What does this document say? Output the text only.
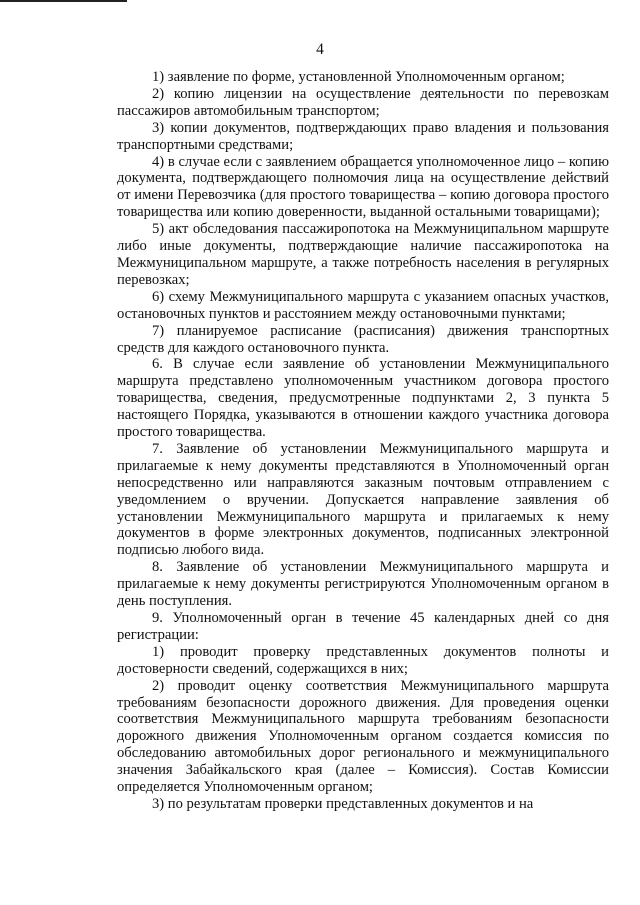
4

1) заявление по форме, установленной Уполномоченным органом;

2) копию лицензии на осуществление деятельности по перевозкам пассажиров автомобильным транспортом;

3) копии документов, подтверждающих право владения и пользования транспортными средствами;

4) в случае если с заявлением обращается уполномоченное лицо – копию документа, подтверждающего полномочия лица на осуществление действий от имени Перевозчика (для простого товарищества – копию договора простого товарищества или копию доверенности, выданной остальными товарищами);

5) акт обследования пассажиропотока на Межмуниципальном маршруте либо иные документы, подтверждающие наличие пассажиропотока на Межмуниципальном маршруте, а также потребность населения в регулярных перевозках;

6) схему Межмуниципального маршрута с указанием опасных участков, остановочных пунктов и расстоянием между остановочными пунктами;

7) планируемое расписание (расписания) движения транспортных средств для каждого остановочного пункта.

6. В случае если заявление об установлении Межмуниципального маршрута представлено уполномоченным участником договора простого товарищества, сведения, предусмотренные подпунктами 2, 3 пункта 5 настоящего Порядка, указываются в отношении каждого участника договора простого товарищества.

7. Заявление об установлении Межмуниципального маршрута и прилагаемые к нему документы представляются в Уполномоченный орган непосредственно или направляются заказным почтовым отправлением с уведомлением о вручении. Допускается направление заявления об установлении Межмуниципального маршрута и прилагаемых к нему документов в форме электронных документов, подписанных электронной подписью любого вида.

8. Заявление об установлении Межмуниципального маршрута и прилагаемые к нему документы регистрируются Уполномоченным органом в день поступления.

9. Уполномоченный орган в течение 45 календарных дней со дня регистрации:

1) проводит проверку представленных документов полноты и достоверности сведений, содержащихся в них;

2) проводит оценку соответствия Межмуниципального маршрута требованиям безопасности дорожного движения. Для проведения оценки соответствия Межмуниципального маршрута требованиям безопасности дорожного движения Уполномоченным органом создается комиссия по обследованию автомобильных дорог регионального и межмуниципального значения Забайкальского края (далее – Комиссия). Состав Комиссии определяется Уполномоченным органом;

3) по результатам проверки представленных документов и на
